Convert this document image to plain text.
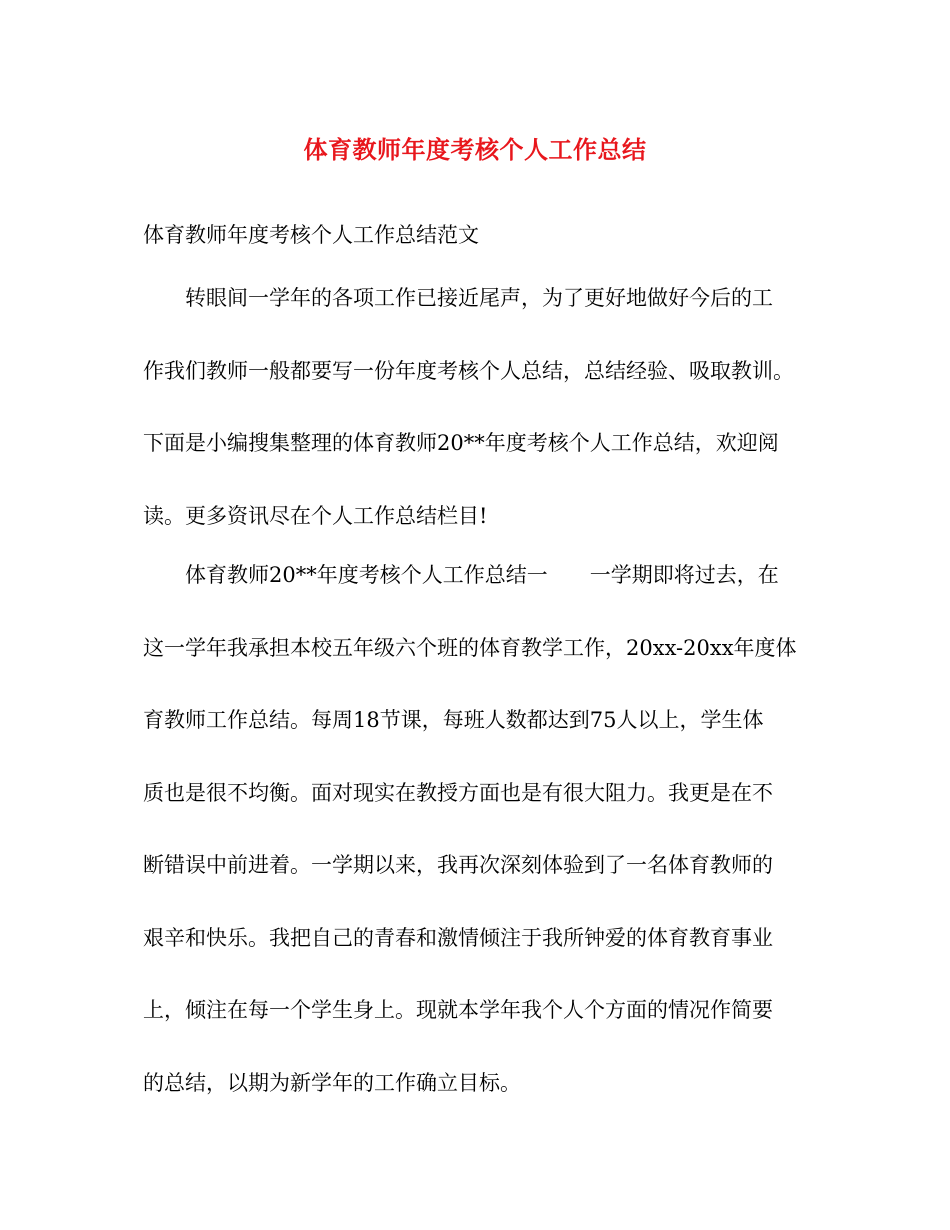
体育教师年度考核个人工作总结
体育教师年度考核个人工作总结范文
转眼间一学年的各项工作已接近尾声，为了更好地做好今后的工
作我们教师一般都要写一份年度考核个人总结，总结经验、吸取教训。
下面是小编搜集整理的体育教师20**年度考核个人工作总结，欢迎阅
读。更多资讯尽在个人工作总结栏目!
体育教师20**年度考核个人工作总结一　　一学期即将过去，在
这一学年我承担本校五年级六个班的体育教学工作，20xx-20xx年度体
育教师工作总结。每周18节课，每班人数都达到75人以上，学生体
质也是很不均衡。面对现实在教授方面也是有很大阻力。我更是在不
断错误中前进着。一学期以来，我再次深刻体验到了一名体育教师的
艰辛和快乐。我把自己的青春和激情倾注于我所钟爱的体育教育事业
上，倾注在每一个学生身上。现就本学年我个人个方面的情况作简要
的总结，以期为新学年的工作确立目标。
